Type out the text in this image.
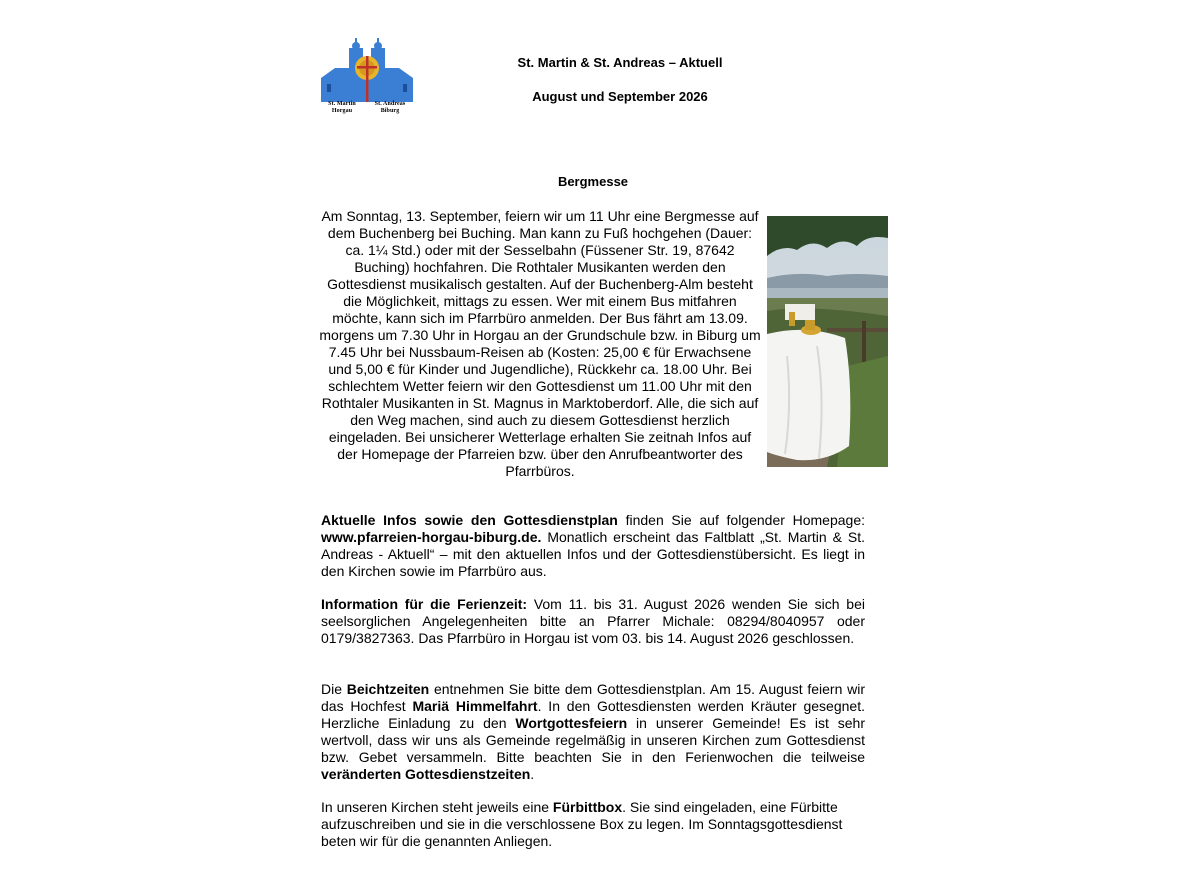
St. Martin
Horgau
St. Andreas
Biburg
St. Martin & St. Andreas – Aktuell
August und September 2026
Bergmesse
Am Sonntag, 13. September, feiern wir um 11 Uhr eine Bergmesse auf dem Buchenberg bei Buching. Man kann zu Fuß hochgehen (Dauer: ca. 1¼ Std.) oder mit der Sesselbahn (Füssener Str. 19, 87642 Buching) hochfahren. Die Rothtaler Musikanten werden den Gottesdienst musikalisch gestalten. Auf der Buchenberg-Alm besteht die Möglichkeit, mittags zu essen. Wer mit einem Bus mitfahren möchte, kann sich im Pfarrbüro anmelden. Der Bus fährt am 13.09. morgens um 7.30 Uhr in Horgau an der Grundschule bzw. in Biburg um 7.45 Uhr bei Nussbaum-Reisen ab (Kosten: 25,00 € für Erwachsene und 5,00 € für Kinder und Jugendliche), Rückkehr ca. 18.00 Uhr. Bei schlechtem Wetter feiern wir den Gottesdienst um 11.00 Uhr mit den Rothtaler Musikanten in St. Magnus in Marktoberdorf. Alle, die sich auf den Weg machen, sind auch zu diesem Gottesdienst herzlich eingeladen. Bei unsicherer Wetterlage erhalten Sie zeitnah Infos auf der Homepage der Pfarreien bzw. über den Anrufbeantworter des Pfarrbüros.
Aktuelle Infos sowie den Gottesdienstplan finden Sie auf folgender Homepage: www.pfarreien-horgau-biburg.de. Monatlich erscheint das Faltblatt „St. Martin & St. Andreas - Aktuell“ – mit den aktuellen Infos und der Gottesdienstübersicht. Es liegt in den Kirchen sowie im Pfarrbüro aus.
Information für die Ferienzeit: Vom 11. bis 31. August 2026 wenden Sie sich bei seelsorglichen Angelegenheiten bitte an Pfarrer Michale: 08294/8040957 oder 0179/3827363. Das Pfarrbüro in Horgau ist vom 03. bis 14. August 2026 geschlossen.
Die Beichtzeiten entnehmen Sie bitte dem Gottesdienstplan. Am 15. August feiern wir das Hochfest Mariä Himmelfahrt. In den Gottesdiensten werden Kräuter gesegnet. Herzliche Einladung zu den Wortgottesfeiern in unserer Gemeinde! Es ist sehr wertvoll, dass wir uns als Gemeinde regelmäßig in unseren Kirchen zum Gottesdienst bzw. Gebet versammeln. Bitte beachten Sie in den Ferienwochen die teilweise veränderten Gottesdienstzeiten.
In unseren Kirchen steht jeweils eine Fürbittbox. Sie sind eingeladen, eine Fürbitte aufzuschreiben und sie in die verschlossene Box zu legen. Im Sonntagsgottesdienst beten wir für die genannten Anliegen.
